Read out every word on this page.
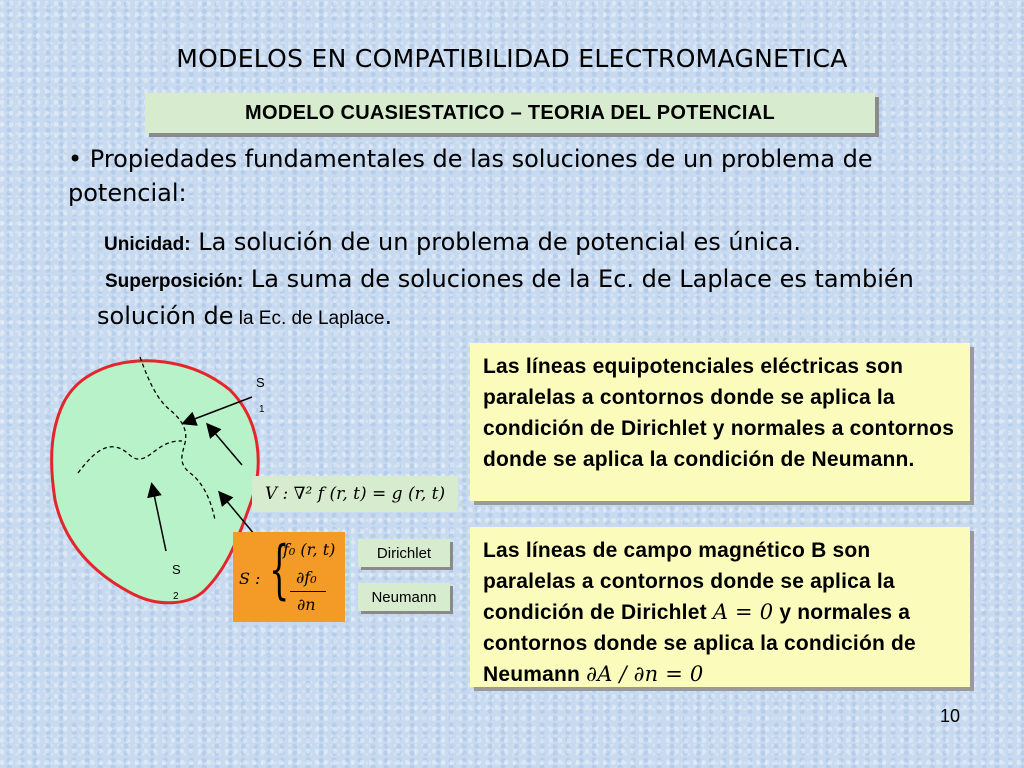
MODELOS EN COMPATIBILIDAD ELECTROMAGNETICA
MODELO CUASIESTATICO – TEORIA DEL POTENCIAL
• Propiedades fundamentales de las soluciones de un problema de potencial:
Unicidad: La solución de un problema de potencial es única.
Superposición: La suma de soluciones de la Ec. de Laplace es también solución de la Ec. de Laplace.
S
1
S
2
V : ∇² f (r, t) = g (r, t)
S : {
f₀ (r, t)
∂f₀
∂n
Dirichlet
Neumann
Las líneas equipotenciales eléctricas son paralelas a contornos donde se aplica la condición de Dirichlet y normales a contornos donde se aplica la condición de Neumann.
Las líneas de campo magnético B son paralelas a contornos donde se aplica la condición de Dirichlet A = 0 y normales a contornos donde se aplica la condición de Neumann ∂A / ∂n = 0
10
